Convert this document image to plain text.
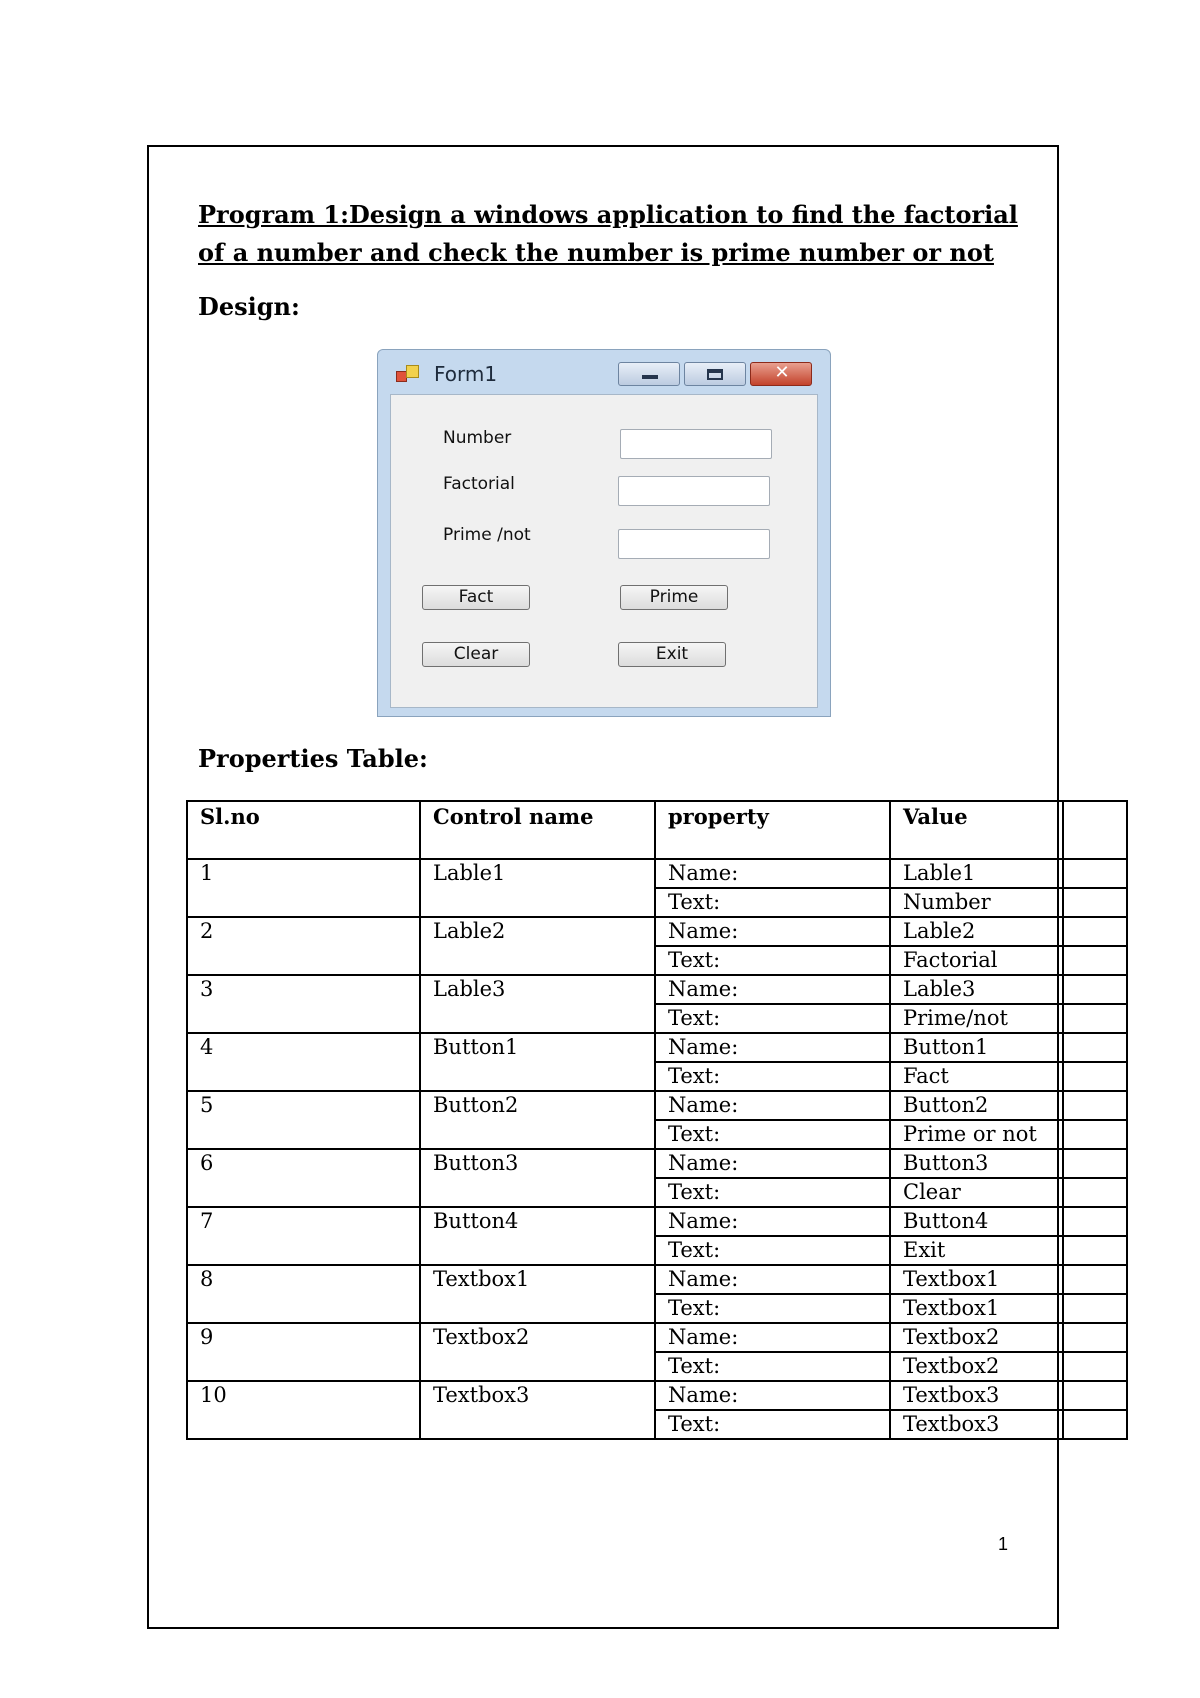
Program 1:Design a windows application to find the factorial of a number and check the number is prime number or not
Design:
Form1	✕
Number
Factorial
Prime /not
Fact	Prime
Clear	Exit
Properties Table:
Sl.no	Control name	property	Value	
1	Lable1	Name:	Lable1	
		Text:	Number	
2	Lable2	Name:	Lable2	
		Text:	Factorial	
3	Lable3	Name:	Lable3	
		Text:	Prime/not	
4	Button1	Name:	Button1	
		Text:	Fact	
5	Button2	Name:	Button2	
		Text:	Prime or not	
6	Button3	Name:	Button3	
		Text:	Clear	
7	Button4	Name:	Button4	
		Text:	Exit	
8	Textbox1	Name:	Textbox1	
		Text:	Textbox1	
9	Textbox2	Name:	Textbox2	
		Text:	Textbox2	
10	Textbox3	Name:	Textbox3	
		Text:	Textbox3	
1
